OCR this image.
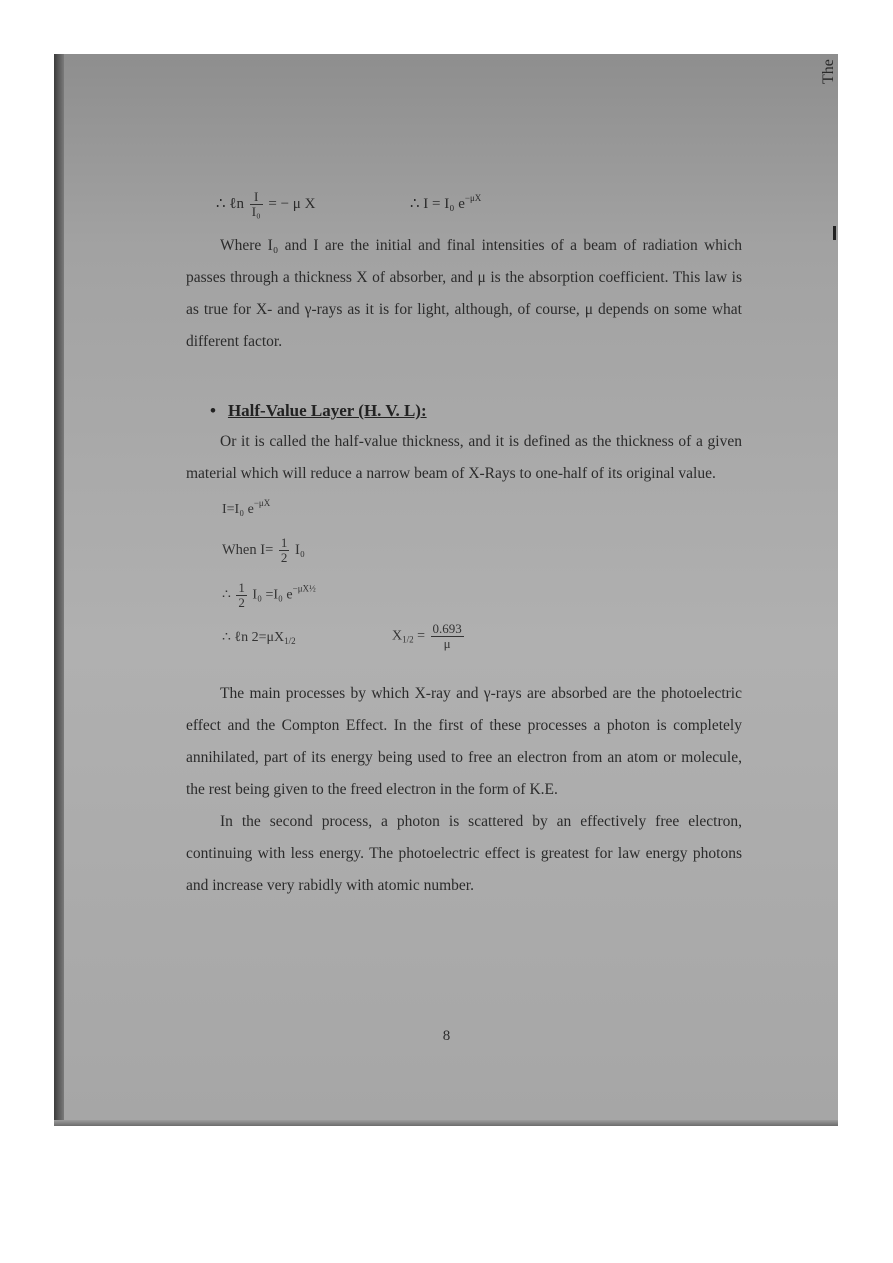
The
∴ ℓn $\frac{I}{\text{I₀}}$ = − μ X	∴ I = I₀ $e^{-\mu X}$

Where I₀ and I are the initial and final intensities of a beam of radiation which passes through a thickness X of absorber, and μ is the absorption coefficient. This law is as true for X- and γ-rays as it is for light, although, of course, μ depends on some what different factor.

• Half-Value Layer (H. V. L):

Or it is called the half-value thickness, and it is defined as the thickness of a given material which will reduce a narrow beam of X-Rays to one-half of its original value.

I=I₀ $e^{-\mu X}$
When $I= \frac{1}{2} I_0$
∴ $\frac{1}{2} I_0 =I_0$ $e^{-\mu X\frac{1}{2}}$
∴ ℓn $2=\mu X_{1/2}$	$X_{1/2} = \frac{0.693}{\mu}$

The main processes by which X-ray and γ-rays are absorbed are the photoelectric effect and the Compton Effect. In the first of these processes a photon is completely annihilated, part of its energy being used to free an electron from an atom or molecule, the rest being given to the freed electron in the form of K.E.

In the second process, a photon is scattered by an effectively free electron, continuing with less energy. The photoelectric effect is greatest for law energy photons and increase very rabidly with atomic number.

8
